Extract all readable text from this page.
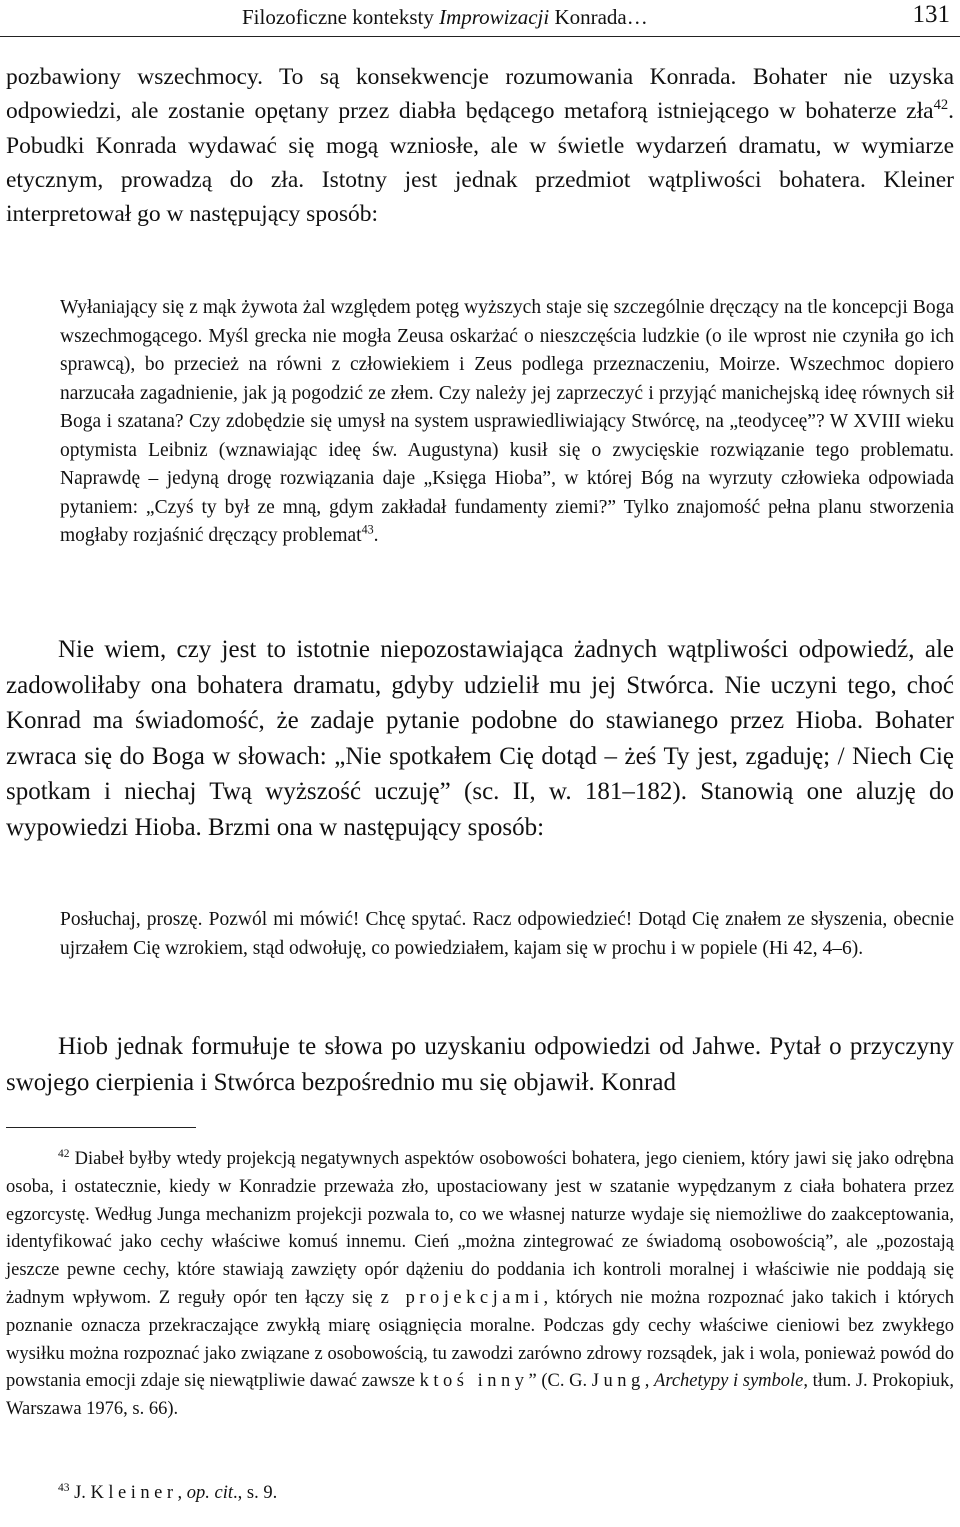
Filozoficzne konteksty Improwizacji Konrada…	131

pozbawiony wszechmocy. To są konsekwencje rozumowania Konrada. Bohater nie uzyska odpowiedzi, ale zostanie opętany przez diabła będącego metaforą istniejącego w bohaterze zła$^{42}$. Pobudki Konrada wydawać się mogą wzniosłe, ale w świetle wydarzeń dramatu, w wymiarze etycznym, prowadzą do zła. Istotny jest jednak przedmiot wątpliwości bohatera. Kleiner interpretował go w następujący sposób:

Wyłaniający się z mąk żywota żal względem potęg wyższych staje się szczególnie dręczący na tle koncepcji Boga wszechmogącego. Myśl grecka nie mogła Zeusa oskarżać o nieszczęścia ludzkie (o ile wprost nie czyniła go ich sprawcą), bo przecież na równi z człowiekiem i Zeus podlega przeznaczeniu, Moirze. Wszechmoc dopiero narzucała zagadnienie, jak ją pogodzić ze złem. Czy należy jej zaprzeczyć i przyjąć manichejską ideę równych sił Boga i szatana? Czy zdobędzie się umysł na system usprawiedliwiający Stwórcę, na „teodyceę”? W XVIII wieku optymista Leibniz (wznawiając ideę św. Augustyna) kusił się o zwycięskie rozwiązanie tego problematu. Naprawdę – jedyną drogę rozwiązania daje „Księga Hioba”, w której Bóg na wyrzuty człowieka odpowiada pytaniem: „Czyś ty był ze mną, gdym zakładał fundamenty ziemi?” Tylko znajomość pełna planu stworzenia mogłaby rozjaśnić dręczący problemat$^{43}$.

Nie wiem, czy jest to istotnie niepozostawiająca żadnych wątpliwości odpowiedź, ale zadowoliłaby ona bohatera dramatu, gdyby udzielił mu jej Stwórca. Nie uczyni tego, choć Konrad ma świadomość, że zadaje pytanie podobne do stawianego przez Hioba. Bohater zwraca się do Boga w słowach: „Nie spotkałem Cię dotąd – żeś Ty jest, zgaduję; / Niech Cię spotkam i niechaj Twą wyższość uczuję” (sc. II, w. 181–182). Stanowią one aluzję do wypowiedzi Hioba. Brzmi ona w następujący sposób:

Posłuchaj, proszę. Pozwól mi mówić! Chcę spytać. Racz odpowiedzieć! Dotąd Cię znałem ze słyszenia, obecnie ujrzałem Cię wzrokiem, stąd odwołuję, co powiedziałem, kajam się w prochu i w popiele (Hi 42, 4–6).

Hiob jednak formułuje te słowa po uzyskaniu odpowiedzi od Jahwe. Pytał o przyczyny swojego cierpienia i Stwórca bezpośrednio mu się objawił. Konrad

$^{42}$ Diabeł byłby wtedy projekcją negatywnych aspektów osobowości bohatera, jego cieniem, który jawi się jako odrębna osoba, i ostatecznie, kiedy w Konradzie przeważa zło, upostaciowany jest w szatanie wypędzanym z ciała bohatera przez egzorcystę. Według Junga mechanizm projekcji pozwala to, co we własnej naturze wydaje się niemożliwe do zaakceptowania, identyfikować jako cechy właściwe komuś innemu. Cień „można zintegrować ze świadomą osobowością”, ale „pozostają jeszcze pewne cechy, które stawiają zawzięty opór dążeniu do poddania ich kontroli moralnej i właściwie nie poddają się żadnym wpływom. Z reguły opór ten łączy się z projekcjami, których nie można rozpoznać jako takich i których poznanie oznacza przekraczające zwykłą miarę osiągnięcia moralne. Podczas gdy cechy właściwe cieniowi bez zwykłego wysiłku można rozpoznać jako związane z osobowością, tu zawodzi zarówno zdrowy rozsądek, jak i wola, ponieważ powód do powstania emocji zdaje się niewątpliwie dawać zawsze ktoś inny” (C. G. Jung, Archetypy i symbole, tłum. J. Prokopiuk, Warszawa 1976, s. 66).

$^{43}$ J. Kleiner, op. cit., s. 9.
